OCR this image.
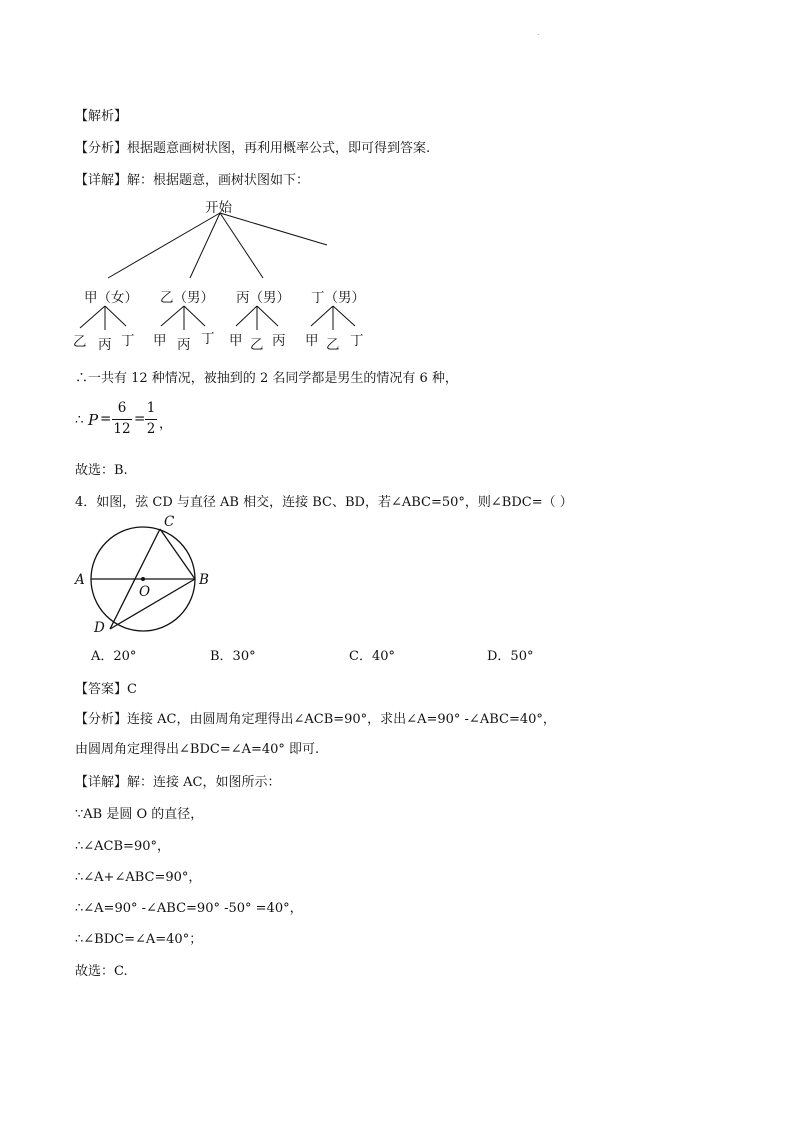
.
【解析】
【分析】根据题意画树状图，再利用概率公式，即可得到答案.
【详解】解：根据题意，画树状图如下：
开始
甲（女） 乙（男） 丙（男） 丁（男）
乙 丙 丁 甲 丙 丁 甲 乙 丙 甲 乙 丁
∴一共有 12 种情况，被抽到的 2 名同学都是男生的情况有 6 种，
∴ P =
6
12
=
1
2 ，
故选：B.
4．如图，弦 CD 与直径 AB 相交，连接 BC、BD，若∠ABC=50°，则∠BDC=（ ）
A	B
C
D
O
A．20°	B．30°	C．40°	D．50°
【答案】C
【分析】连接 AC，由圆周角定理得出∠ACB=90°，求出∠A=90° -∠ABC=40°，
由圆周角定理得出∠BDC=∠A=40° 即可.
【详解】解：连接 AC，如图所示：
∵AB 是圆 O 的直径，
∴∠ACB=90°，
∴∠A+∠ABC=90°，
∴∠A=90° -∠ABC=90° -50° =40°，
∴∠BDC=∠A=40°；
故选：C.
